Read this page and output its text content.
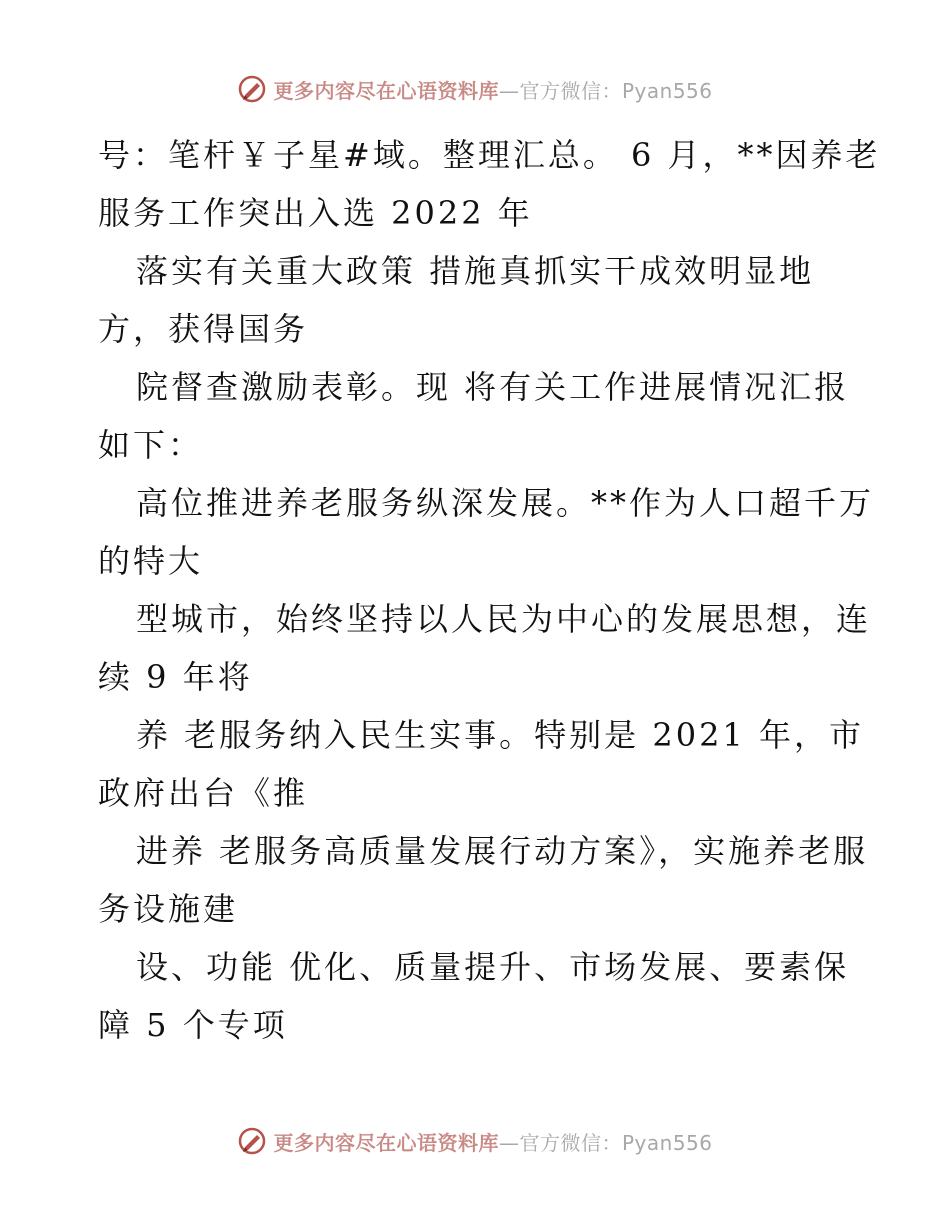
更多内容尽在心语资料库—官方微信：Pyan556
号：笔杆￥子星#域。整理汇总。 6 月，**因养老
服务工作突出入选 2022 年
落实有关重大政策 措施真抓实干成效明显地
方，获得国务
院督查激励表彰。现 将有关工作进展情况汇报
如下：
高位推进养老服务纵深发展。**作为人口超千万
的特大
型城市，始终坚持以人民为中心的发展思想，连
续 9 年将
养 老服务纳入民生实事。特别是 2021 年，市
政府出台《推
进养 老服务高质量发展行动方案》，实施养老服
务设施建
设、功能 优化、质量提升、市场发展、要素保
障 5 个专项
更多内容尽在心语资料库—官方微信：Pyan556
